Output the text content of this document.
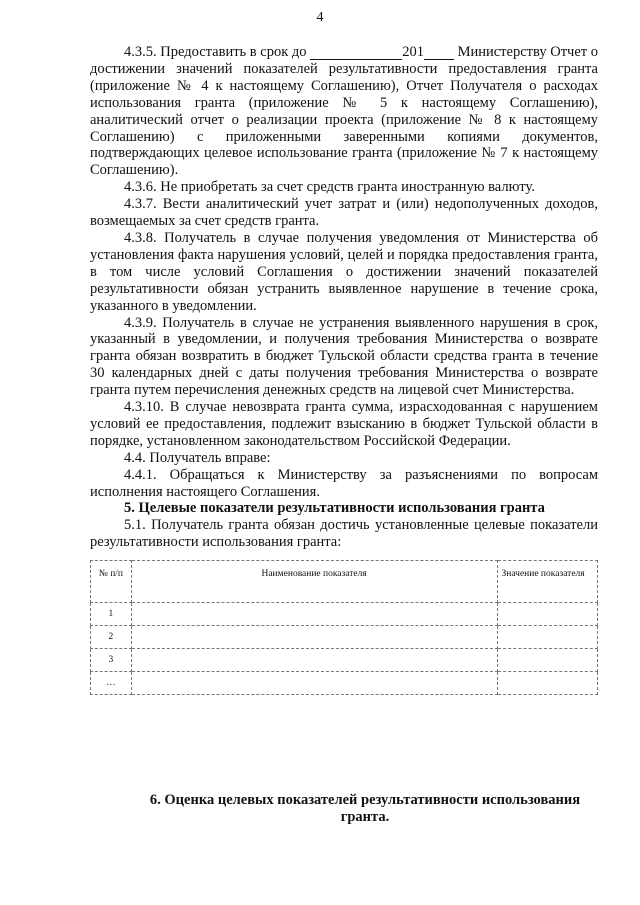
4

4.3.5. Предоставить в срок до	201 Министерству Отчет о достижении значений показателей результативности предоставления гранта (приложение № 4 к настоящему Соглашению), Отчет Получателя о расходах использования гранта (приложение № 5 к настоящему Соглашению), аналитический отчет о реализации проекта (приложение № 8 к настоящему Соглашению) с приложенными заверенными копиями документов, подтверждающих целевое использование гранта (приложение № 7 к настоящему Соглашению).

4.3.6. Не приобретать за счет средств гранта иностранную валюту.

4.3.7. Вести аналитический учет затрат и (или) недополученных доходов, возмещаемых за счет средств гранта.

4.3.8. Получатель в случае получения уведомления от Министерства об установления факта нарушения условий, целей и порядка предоставления гранта, в том числе условий Соглашения о достижении значений показателей результативности обязан устранить выявленное нарушение в течение срока, указанного в уведомлении.

4.3.9. Получатель в случае не устранения выявленного нарушения в срок, указанный в уведомлении, и получения требования Министерства о возврате гранта обязан возвратить в бюджет Тульской области средства гранта в течение 30 календарных дней с даты получения требования Министерства о возврате гранта путем перечисления денежных средств на лицевой счет Министерства.

4.3.10. В случае невозврата гранта сумма, израсходованная с нарушением условий ее предоставления, подлежит взысканию в бюджет Тульской области в порядке, установленном законодательством Российской Федерации.

4.4. Получатель вправе:

4.4.1. Обращаться к Министерству за разъяснениями по вопросам исполнения настоящего Соглашения.

5. Целевые показатели результативности использования гранта

5.1. Получатель гранта обязан достичь установленные целевые показатели результативности использования гранта:

№ п/п	Наименование показателя	Значение показателя
1		
2		
3		
…		
6. Оценка целевых показателей результативности использования гранта.
